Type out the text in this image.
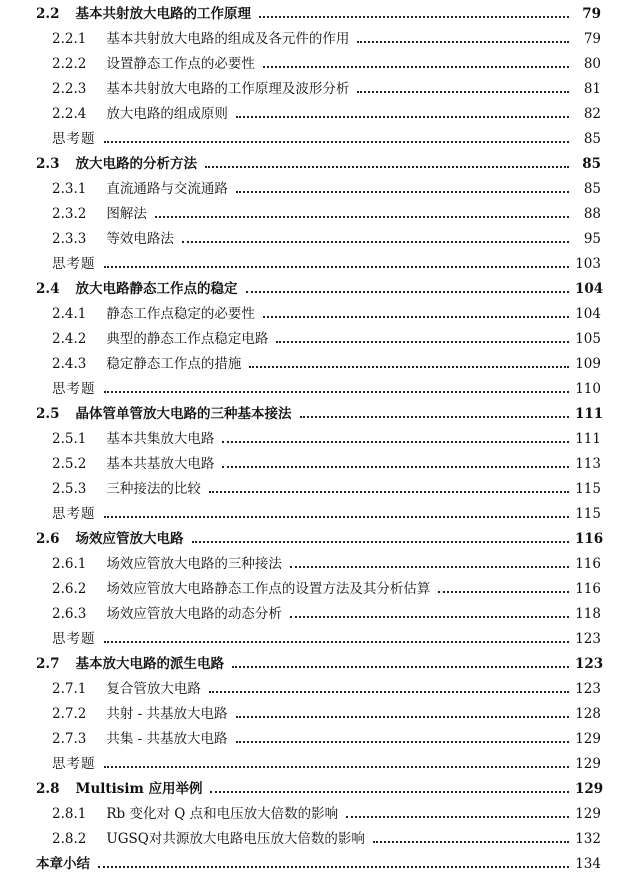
2.2 基本共射放大电路的工作原理	79
2.2.1 基本共射放大电路的组成及各元件的作用	79
2.2.2 设置静态工作点的必要性	80
2.2.3 基本共射放大电路的工作原理及波形分析	81
2.2.4 放大电路的组成原则	82
思考题	85
2.3 放大电路的分析方法	85
2.3.1 直流通路与交流通路	85
2.3.2 图解法	88
2.3.3 等效电路法	95
思考题	103
2.4 放大电路静态工作点的稳定	104
2.4.1 静态工作点稳定的必要性	104
2.4.2 典型的静态工作点稳定电路	105
2.4.3 稳定静态工作点的措施	109
思考题	110
2.5 晶体管单管放大电路的三种基本接法	111
2.5.1 基本共集放大电路	111
2.5.2 基本共基放大电路	113
2.5.3 三种接法的比较	115
思考题	115
2.6 场效应管放大电路	116
2.6.1 场效应管放大电路的三种接法	116
2.6.2 场效应管放大电路静态工作点的设置方法及其分析估算	116
2.6.3 场效应管放大电路的动态分析	118
思考题	123
2.7 基本放大电路的派生电路	123
2.7.1 复合管放大电路	123
2.7.2 共射 - 共基放大电路	128
2.7.3 共集 - 共基放大电路	129
思考题	129
2.8 Multisim 应用举例	129
2.8.1 Rb 变化对 Q 点和电压放大倍数的影响	129
2.8.2 UGSQ对共源放大电路电压放大倍数的影响	132
本章小结	134
